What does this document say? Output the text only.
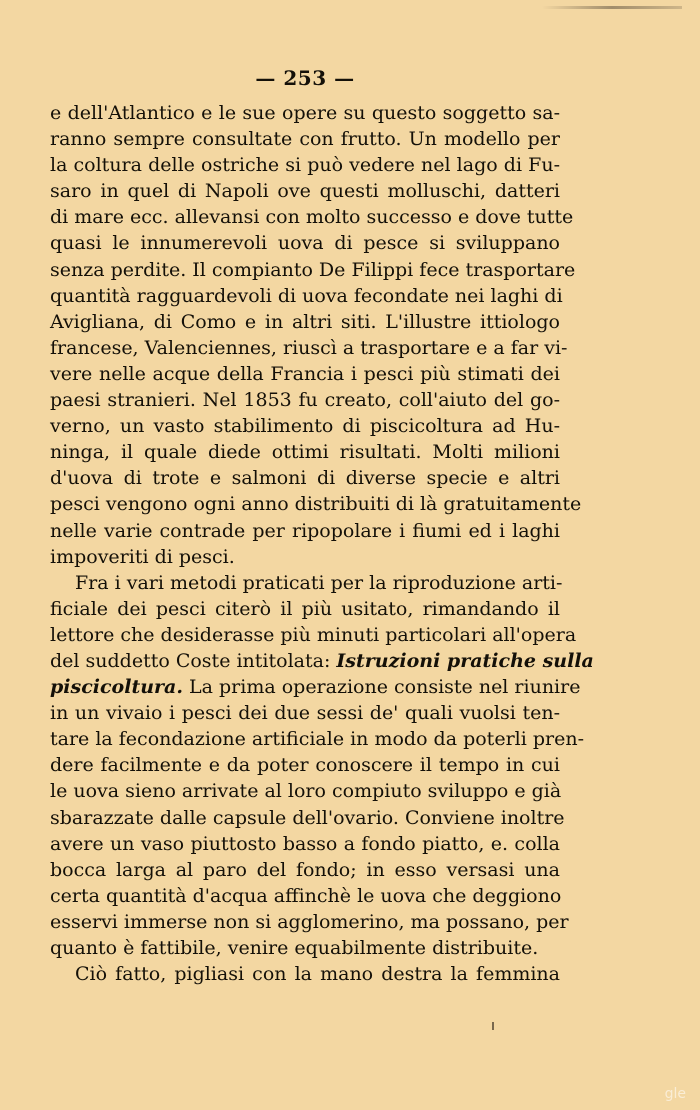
— 253 —
e dell'Atlantico e le sue opere su questo soggetto sa-
ranno sempre consultate con frutto. Un modello per
la coltura delle ostriche si può vedere nel lago di Fu-
saro in quel di Napoli ove questi molluschi, datteri
di mare ecc. allevansi con molto successo e dove tutte
quasi le innumerevoli uova di pesce si sviluppano
senza perdite. Il compianto De Filippi fece trasportare
quantità ragguardevoli di uova fecondate nei laghi di
Avigliana, di Como e in altri siti. L'illustre ittiologo
francese, Valenciennes, riuscì a trasportare e a far vi-
vere nelle acque della Francia i pesci più stimati dei
paesi stranieri. Nel 1853 fu creato, coll'aiuto del go-
verno, un vasto stabilimento di piscicoltura ad Hu-
ninga, il quale diede ottimi risultati. Molti milioni
d'uova di trote e salmoni di diverse specie e altri
pesci vengono ogni anno distribuiti di là gratuitamente
nelle varie contrade per ripopolare i fiumi ed i laghi
impoveriti di pesci.
Fra i vari metodi praticati per la riproduzione arti-
ficiale dei pesci citerò il più usitato, rimandando il
lettore che desiderasse più minuti particolari all'opera
del suddetto Coste intitolata: Istruzioni pratiche sulla
piscicoltura. La prima operazione consiste nel riunire
in un vivaio i pesci dei due sessi de' quali vuolsi ten-
tare la fecondazione artificiale in modo da poterli pren-
dere facilmente e da poter conoscere il tempo in cui
le uova sieno arrivate al loro compiuto sviluppo e già
sbarazzate dalle capsule dell'ovario. Conviene inoltre
avere un vaso piuttosto basso a fondo piatto, e. colla
bocca larga al paro del fondo; in esso versasi una
certa quantità d'acqua affinchè le uova che deggiono
esservi immerse non si agglomerino, ma possano, per
quanto è fattibile, venire equabilmente distribuite.
Ciò fatto, pigliasi con la mano destra la femmina
gle
